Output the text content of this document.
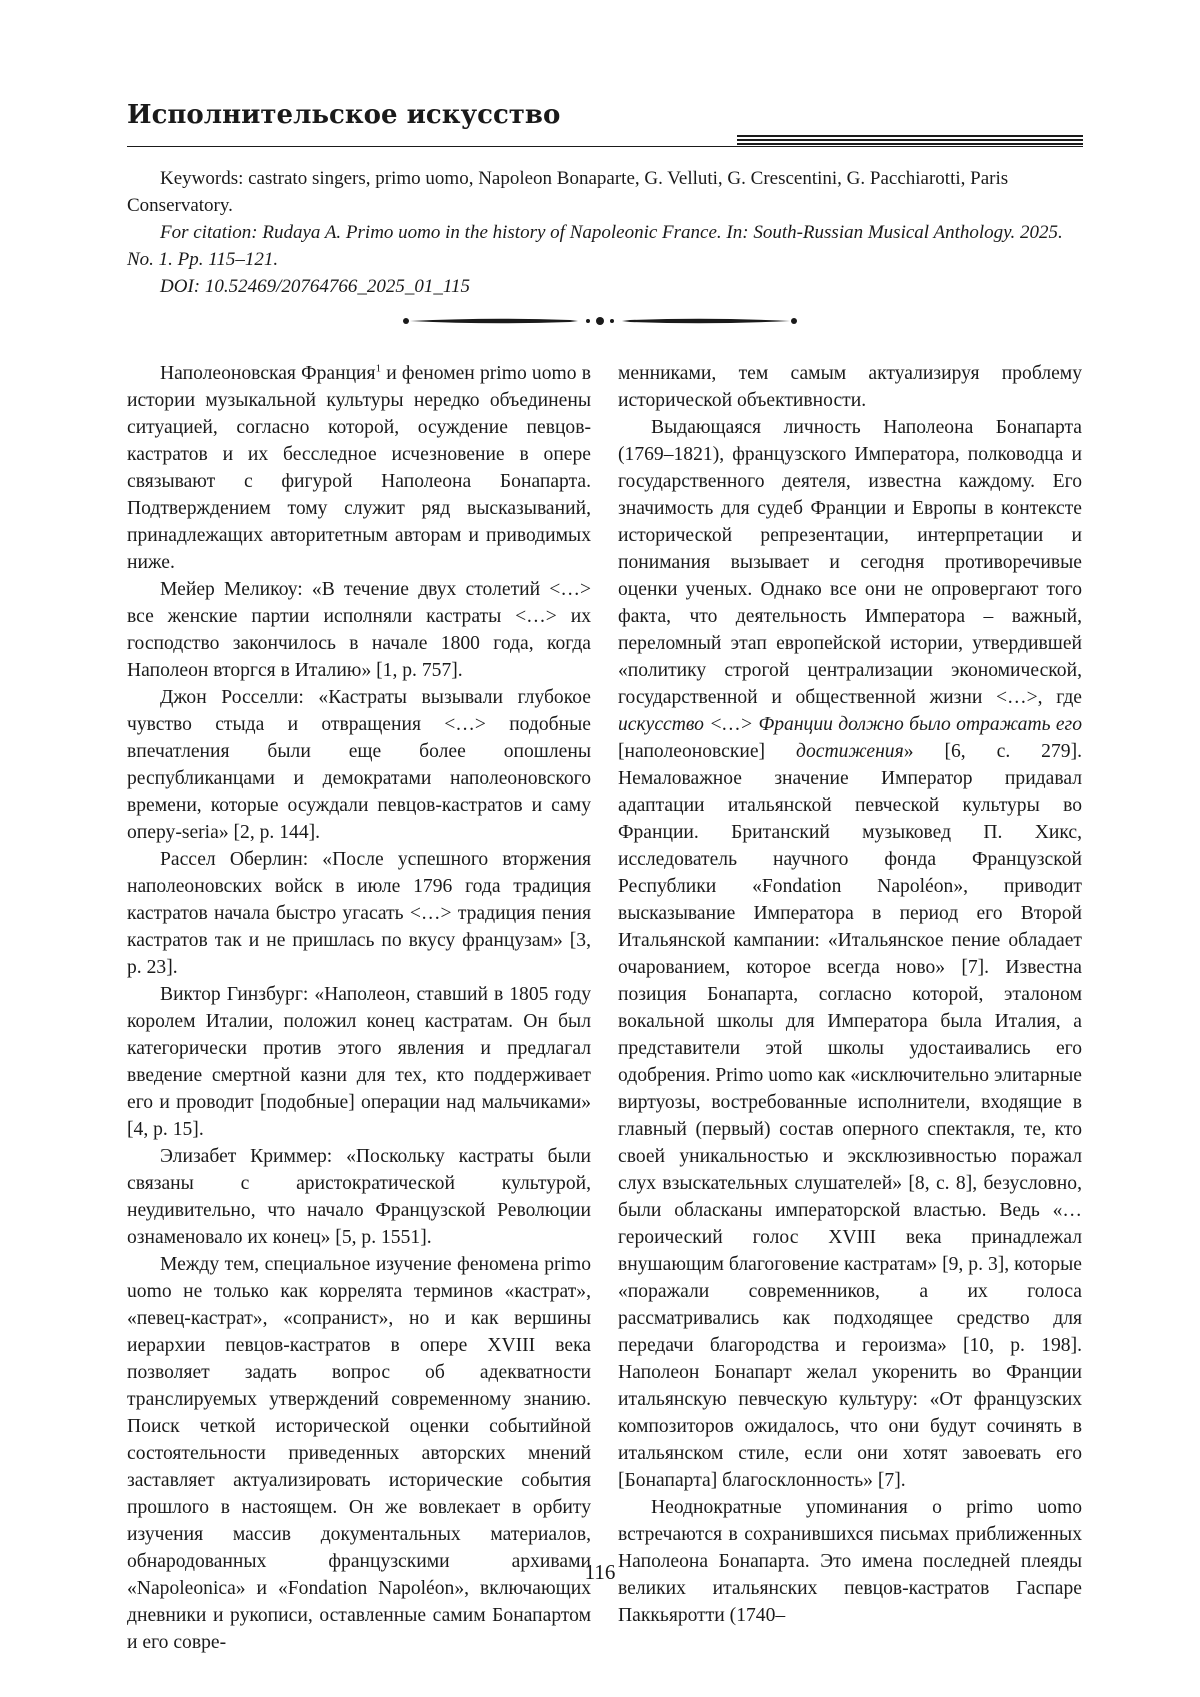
Исполнительское искусство

Keywords: castrato singers, primo uomo, Napoleon Bonaparte, G. Velluti, G. Crescentini, G. Pacchiarotti, Paris Conservatory.

For citation: Rudaya A. Primo uomo in the history of Napoleonic France. In: South-Russian Musical Anthology. 2025. No. 1. Pp. 115–121.

DOI: 10.52469/20764766_2025_01_115

Наполеоновская Франция$^1$ и феномен primo uomo в истории музыкальной культуры нередко объединены ситуацией, согласно которой, осуждение певцов-кастратов и их бесследное исчезновение в опере связывают с фигурой Наполеона Бонапарта. Подтверждением тому служит ряд высказываний, принадлежащих авторитетным авторам и приводимых ниже.

Мейер Меликоу: «В течение двух столетий <…> все женские партии исполняли кастраты <…> их господство закончилось в начале 1800 года, когда Наполеон вторгся в Италию» [1, p. 757].

Джон Росселли: «Кастраты вызывали глубокое чувство стыда и отвращения <…> подобные впечатления были еще более опошлены республиканцами и демократами наполеоновского времени, которые осуждали певцов-кастратов и саму оперу-seria» [2, p. 144].

Рассел Оберлин: «После успешного вторжения наполеоновских войск в июле 1796 года традиция кастратов начала быстро угасать <…> традиция пения кастратов так и не пришлась по вкусу французам» [3, p. 23].

Виктор Гинзбург: «Наполеон, ставший в 1805 году королем Италии, положил конец кастратам. Он был категорически против этого явления и предлагал введение смертной казни для тех, кто поддерживает его и проводит [подобные] операции над мальчиками» [4, p. 15].

Элизабет Криммер: «Поскольку кастраты были связаны с аристократической культурой, неудивительно, что начало Французской Революции ознаменовало их конец» [5, p. 1551].

Между тем, специальное изучение феномена primo uomo не только как коррелята терминов «кастрат», «певец-кастрат», «сопранист», но и как вершины иерархии певцов-кастратов в опере XVIII века позволяет задать вопрос об адекватности транслируемых утверждений современному знанию. Поиск четкой исторической оценки событийной состоятельности приведенных авторских мнений заставляет актуализировать исторические события прошлого в настоящем. Он же вовлекает в орбиту изучения массив документальных материалов, обнародованных французскими архивами «Napoleonica» и «Fondation Napoléon», включающих дневники и рукописи, оставленные самим Бонапартом и его совре-

менниками, тем самым актуализируя проблему исторической объективности.

Выдающаяся личность Наполеона Бонапарта (1769–1821), французского Императора, полководца и государственного деятеля, известна каждому. Его значимость для судеб Франции и Европы в контексте исторической репрезентации, интерпретации и понимания вызывает и сегодня противоречивые оценки ученых. Однако все они не опровергают того факта, что деятельность Императора – важный, переломный этап европейской истории, утвердившей «политику строгой централизации экономической, государственной и общественной жизни <…>, где искусство <…> Франции должно было отражать его [наполеоновские] достижения» [6, c. 279]. Немаловажное значение Император придавал адаптации итальянской певческой культуры во Франции. Британский музыковед П. Хикс, исследователь научного фонда Французской Республики «Fondation Napoléon», приводит высказывание Императора в период его Второй Итальянской кампании: «Итальянское пение обладает очарованием, которое всегда ново» [7]. Известна позиция Бонапарта, согласно которой, эталоном вокальной школы для Императора была Италия, а представители этой школы удостаивались его одобрения. Primo uomo как «исключительно элитарные виртуозы, востребованные исполнители, входящие в главный (первый) состав оперного спектакля, те, кто своей уникальностью и эксклюзивностью поражал слух взыскательных слушателей» [8, c. 8], безусловно, были обласканы императорской властью. Ведь «…героический голос XVIII века принадлежал внушающим благоговение кастратам» [9, p. 3], которые «поражали современников, а их голоса рассматривались как подходящее средство для передачи благородства и героизма» [10, p. 198]. Наполеон Бонапарт желал укоренить во Франции итальянскую певческую культуру: «От французских композиторов ожидалось, что они будут сочинять в итальянском стиле, если они хотят завоевать его [Бонапарта] благосклонность» [7].

Неоднократные упоминания о primo uomo встречаются в сохранившихся письмах приближенных Наполеона Бонапарта. Это имена последней плеяды великих итальянских певцов-кастратов Гаспаре Паккьяротти (1740–

116
